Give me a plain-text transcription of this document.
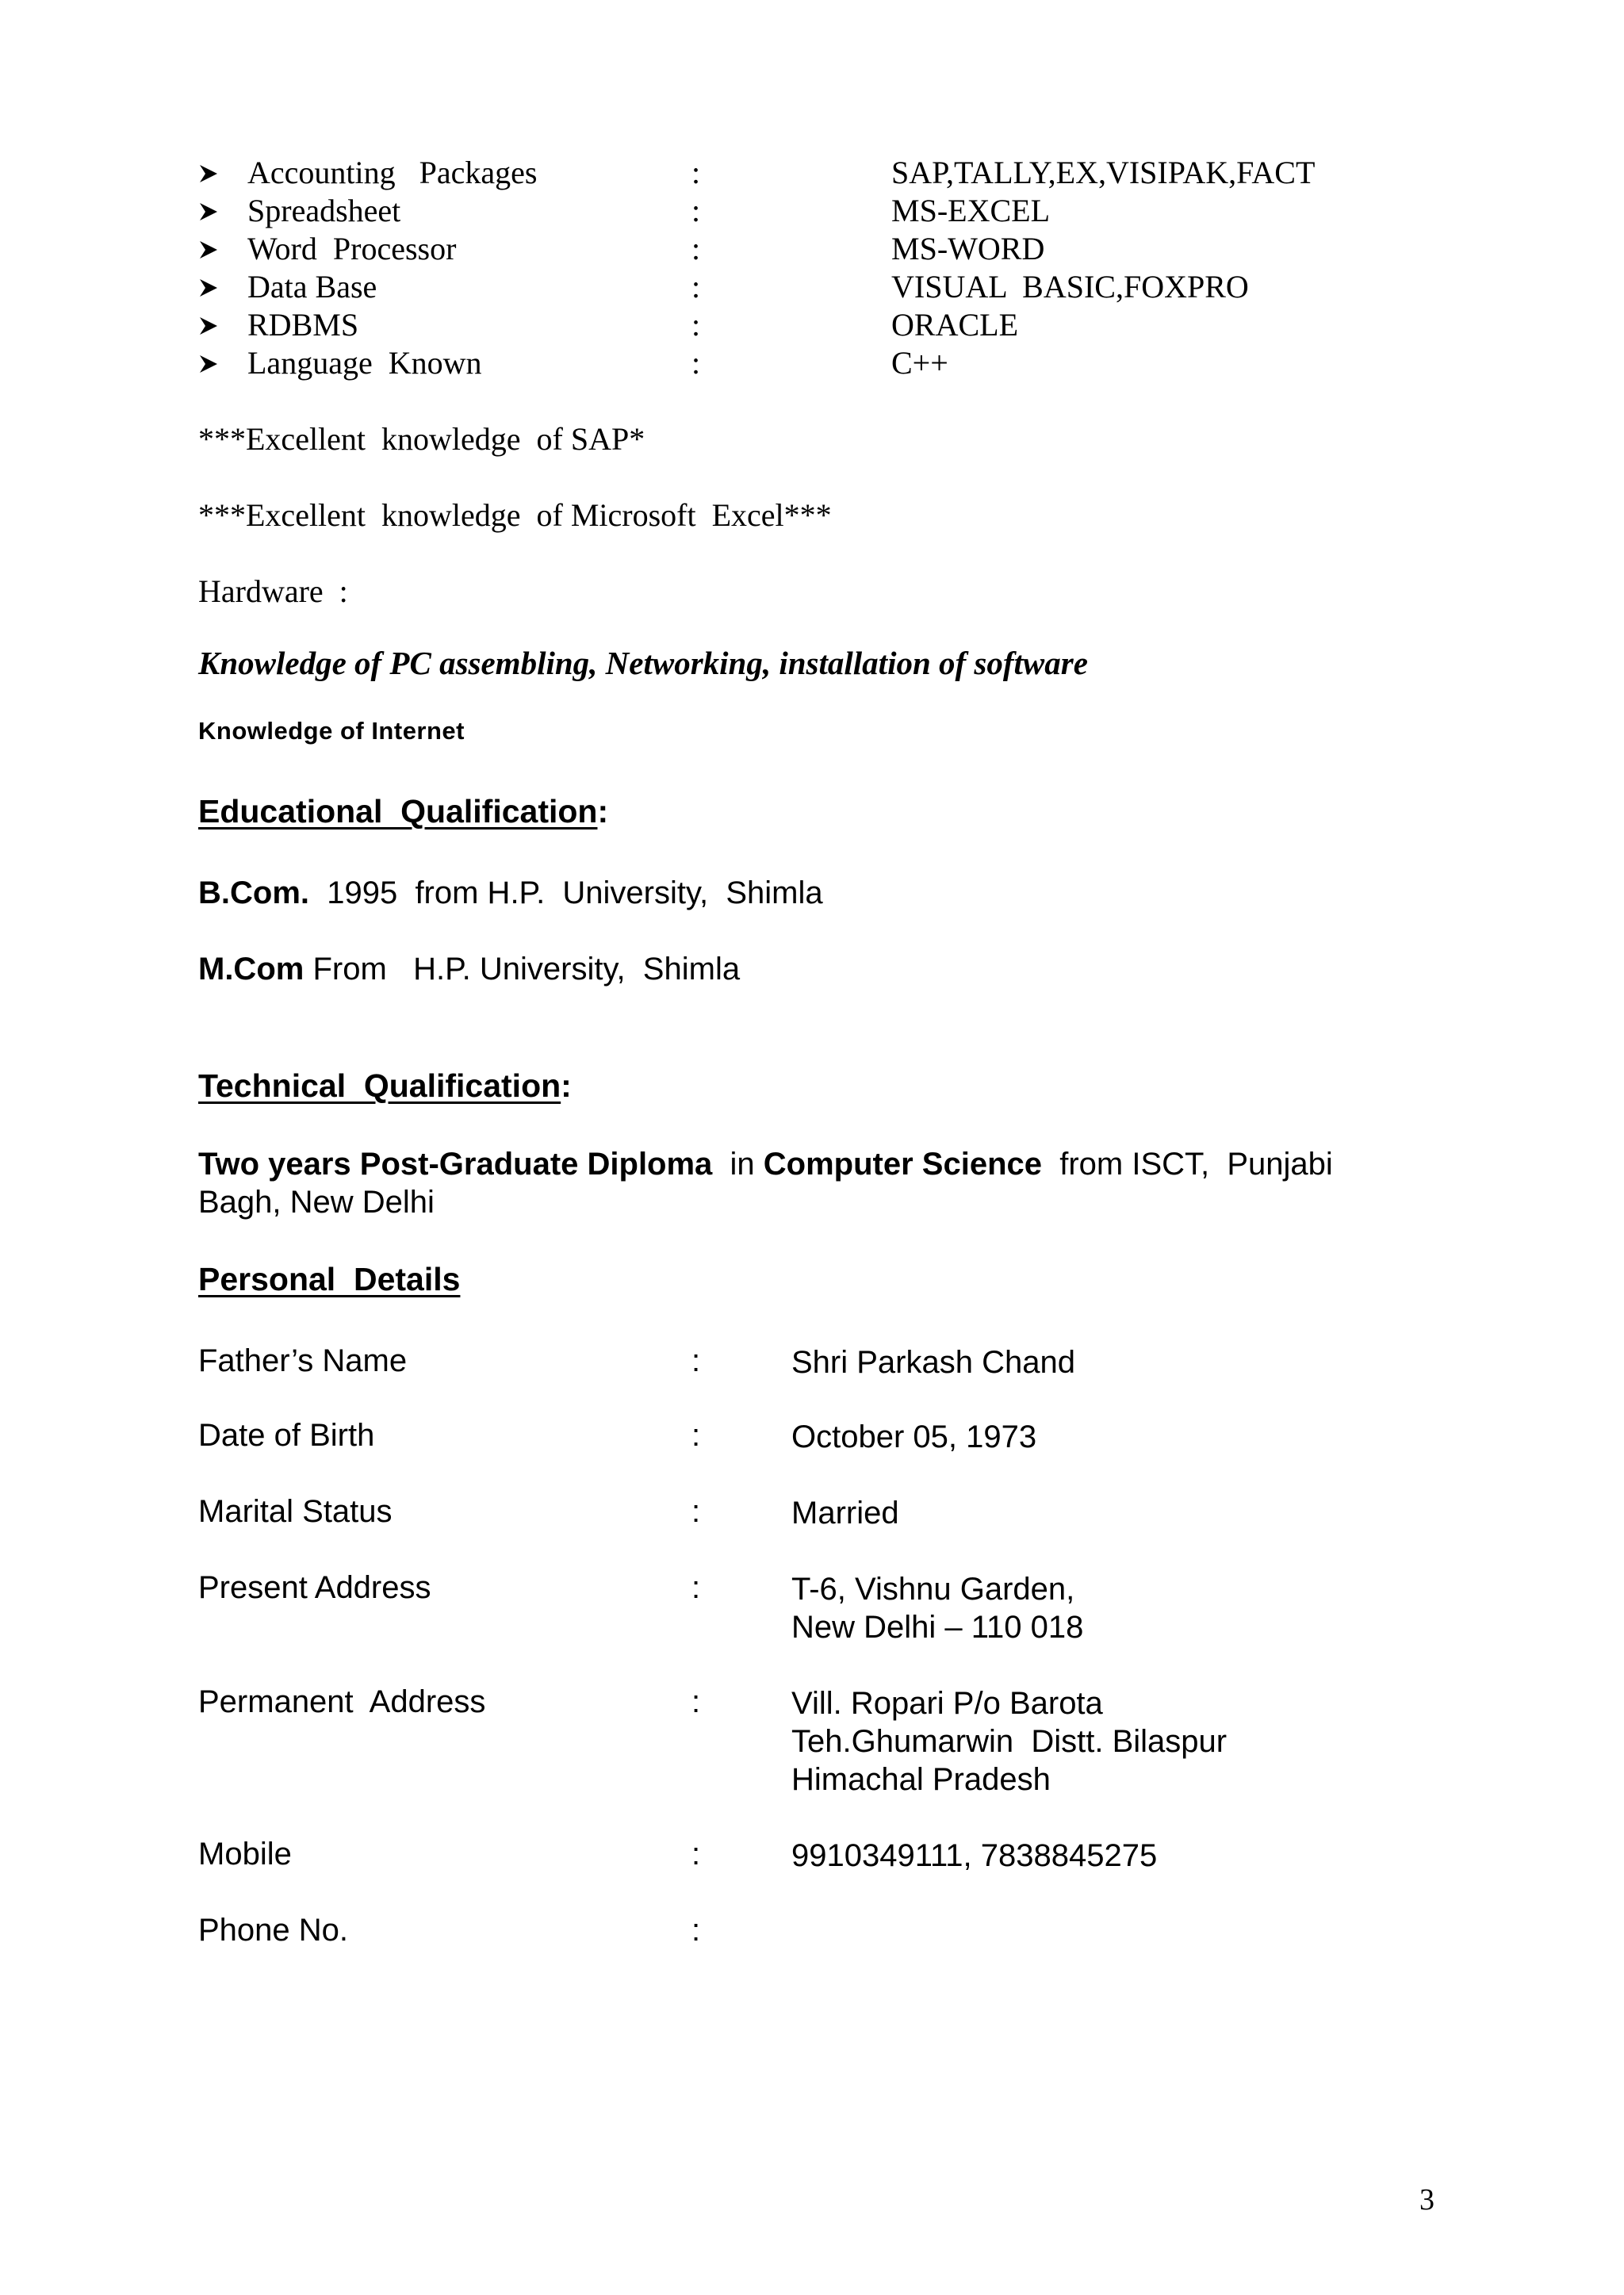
Accounting   Packages	:	SAP,TALLY,EX,VISIPAK,FACT
Spreadsheet	:	MS-EXCEL
Word  Processor	:	MS-WORD
Data Base	:	VISUAL  BASIC,FOXPRO
RDBMS	:	ORACLE
Language  Known	:	C++
***Excellent  knowledge  of SAP*
***Excellent  knowledge  of Microsoft  Excel***
Hardware  :
Knowledge of PC assembling, Networking, installation of software
Knowledge of Internet
Educational  Qualification:
B.Com.  1995  from H.P.  University,  Shimla
M.Com From   H.P. University,  Shimla
Technical  Qualification:
Two years Post-Graduate Diploma  in Computer Science  from ISCT,  Punjabi
Bagh, New Delhi
Personal  Details
Father’s Name	:	Shri Parkash Chand
Date of Birth	:	October 05, 1973
Marital Status	:	Married
Present Address	:	T-6, Vishnu Garden,
New Delhi – 110 018
Permanent  Address	:	Vill. Ropari P/o Barota
Teh.Ghumarwin  Distt. Bilaspur
Himachal Pradesh
Mobile	:	9910349111, 7838845275
Phone No.	:
3
